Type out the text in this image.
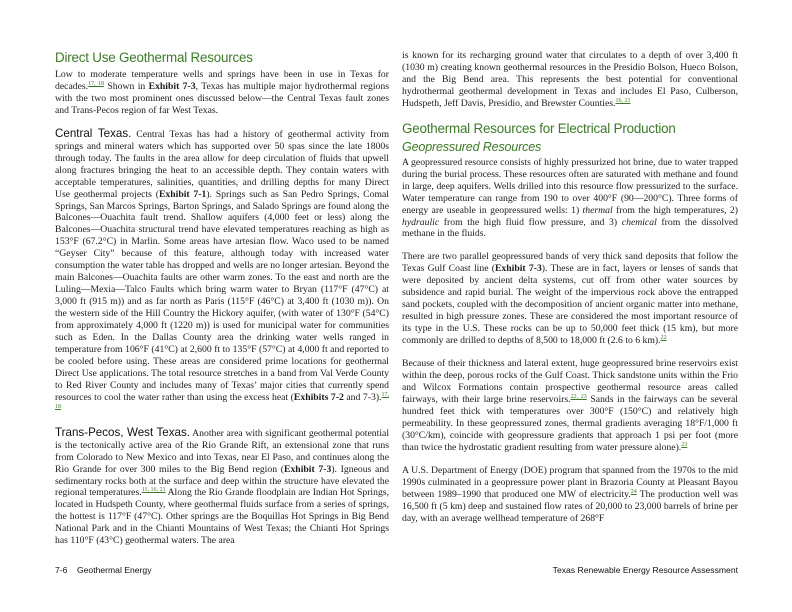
Direct Use Geothermal Resources

Low to moderate temperature wells and springs have been in use in Texas for decades.$^{17, 18}$ Shown in Exhibit 7-3, Texas has multiple major hydrothermal regions with the two most prominent ones discussed below—the Central Texas fault zones and Trans-Pecos region of far West Texas.

Central Texas. Central Texas has had a history of geothermal activity from springs and mineral waters which has supported over 50 spas since the late 1800s through today. The faults in the area allow for deep circulation of fluids that upwell along fractures bringing the heat to an accessible depth. They contain waters with acceptable temperatures, salinities, quantities, and drilling depths for many Direct Use geothermal projects (Exhibit 7-1). Springs such as San Pedro Springs, Comal Springs, San Marcos Springs, Barton Springs, and Salado Springs are found along the Balcones—Ouachita fault trend. Shallow aquifers (4,000 feet or less) along the Balcones—Ouachita structural trend have elevated temperatures reaching as high as 153°F (67.2°C) in Marlin. Some areas have artesian flow. Waco used to be named “Geyser City” because of this feature, although today with increased water consumption the water table has dropped and wells are no longer artesian. Beyond the main Balcones—Ouachita faults are other warm zones. To the east and north are the Luling—Mexia—Talco Faults which bring warm water to Bryan (117°F (47°C) at 3,000 ft (915 m)) and as far north as Paris (115°F (46°C) at 3,400 ft (1030 m)). On the western side of the Hill Country the Hickory aquifer, (with water of 130°F (54°C) from approximately 4,000 ft (1220 m)) is used for municipal water for communities such as Eden. In the Dallas County area the drinking water wells ranged in temperature from 106°F (41°C) at 2,600 ft to 135°F (57°C) at 4,000 ft and reported to be cooled before using. These areas are considered prime locations for geothermal Direct Use applications. The total resource stretches in a band from Val Verde County to Red River County and includes many of Texas’ major cities that currently spend resources to cool the water rather than using the excess heat (Exhibits 7-2 and 7-3).$^{17, 18}$

Trans-Pecos, West Texas. Another area with significant geothermal potential is the tectonically active area of the Rio Grande Rift, an extensional zone that runs from Colorado to New Mexico and into Texas, near El Paso, and continues along the Rio Grande for over 300 miles to the Big Bend region (Exhibit 7-3). Igneous and sedimentary rocks both at the surface and deep within the structure have elevated the regional temperatures.$^{11, 16, 21}$ Along the Rio Grande floodplain are Indian Hot Springs, located in Hudspeth County, where geothermal fluids surface from a series of springs, the hottest is 117°F (47°C). Other springs are the Boquillas Hot Springs in Big Bend National Park and in the Chianti Mountains of West Texas; the Chianti Hot Springs has 110°F (43°C) geothermal waters. The area

is known for its recharging ground water that circulates to a depth of over 3,400 ft (1030 m) creating known geothermal resources in the Presidio Bolson, Hueco Bolson, and the Big Bend area. This represents the best potential for conventional hydrothermal geothermal development in Texas and includes El Paso, Culberson, Hudspeth, Jeff Davis, Presidio, and Brewster Counties.$^{16, 21}$

Geothermal Resources for Electrical Production
Geopressured Resources

A geopressured resource consists of highly pressurized hot brine, due to water trapped during the burial process. These resources often are saturated with methane and found in large, deep aquifers. Wells drilled into this resource flow pressurized to the surface. Water temperature can range from 190 to over 400°F (90—200°C). Three forms of energy are useable in geopressured wells: 1) thermal from the high temperatures, 2) hydraulic from the high fluid flow pressure, and 3) chemical from the dissolved methane in the fluids.

There are two parallel geopressured bands of very thick sand deposits that follow the Texas Gulf Coast line (Exhibit 7-3). These are in fact, layers or lenses of sands that were deposited by ancient delta systems, cut off from other water sources by subsidence and rapid burial. The weight of the impervious rock above the entrapped sand pockets, coupled with the decomposition of ancient organic matter into methane, resulted in high pressure zones. These are considered the most important resource of its type in the U.S. These rocks can be up to 50,000 feet thick (15 km), but more commonly are drilled to depths of 8,500 to 18,000 ft (2.6 to 6 km).$^{22}$

Because of their thickness and lateral extent, huge geopressured brine reservoirs exist within the deep, porous rocks of the Gulf Coast. Thick sandstone units within the Frio and Wilcox Formations contain prospective geothermal resource areas called fairways, with their large brine reservoirs.$^{22, 23}$ Sands in the fairways can be several hundred feet thick with temperatures over 300°F (150°C) and relatively high permeability. In these geopressured zones, thermal gradients averaging 18°F/1,000 ft (30°C/km), coincide with geopressure gradients that approach 1 psi per foot (more than twice the hydrostatic gradient resulting from water pressure alone).$^{23}$

A U.S. Department of Energy (DOE) program that spanned from the 1970s to the mid 1990s culminated in a geopressure power plant in Brazoria County at Pleasant Bayou between 1989–1990 that produced one MW of electricity.$^{24}$ The production well was 16,500 ft (5 km) deep and sustained flow rates of 20,000 to 23,000 barrels of brine per day, with an average wellhead temperature of 268°F

7-6    Geothermal Energy	Texas Renewable Energy Resource Assessment
